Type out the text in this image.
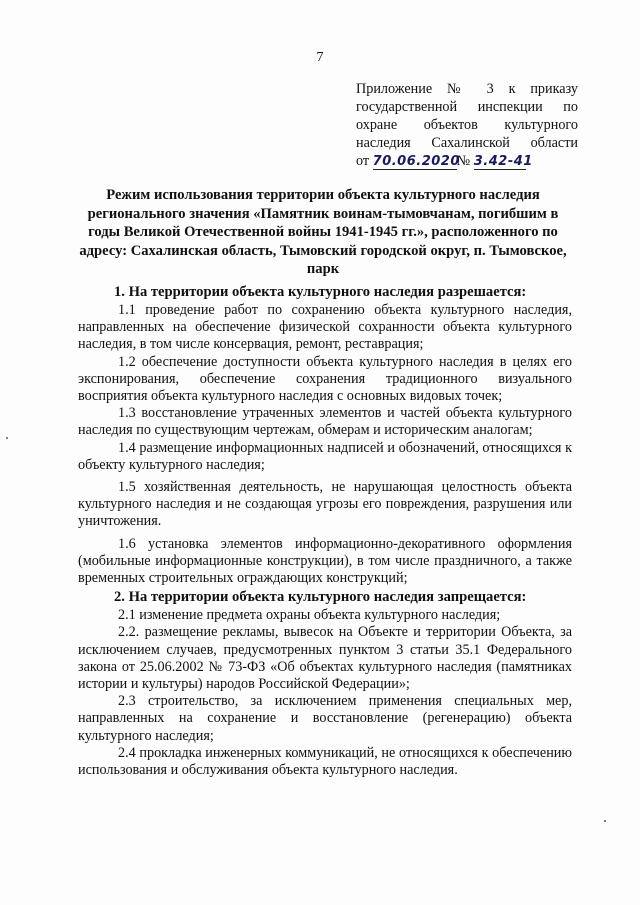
7
Приложение № 3 к приказу
государственной инспекции по
охране объектов культурного
наследия Сахалинской области
от 70.06.2020№ 3.42-41
Режим использования территории объекта культурного наследия регионального значения «Памятник воинам-тымовчанам, погибшим в годы Великой Отечественной войны 1941-1945 гг.», расположенного по адресу: Сахалинская область, Тымовский городской округ, п. Тымовское, парк
1. На территории объекта культурного наследия разрешается:

1.1 проведение работ по сохранению объекта культурного наследия, направленных на обеспечение физической сохранности объекта культурного наследия, в том числе консервация, ремонт, реставрация;

1.2 обеспечение доступности объекта культурного наследия в целях его экспонирования, обеспечение сохранения традиционного визуального восприятия объекта культурного наследия с основных видовых точек;

1.3 восстановление утраченных элементов и частей объекта культурного наследия по существующим чертежам, обмерам и историческим аналогам;

1.4 размещение информационных надписей и обозначений, относящихся к объекту культурного наследия;

1.5 хозяйственная деятельность, не нарушающая целостность объекта культурного наследия и не создающая угрозы его повреждения, разрушения или уничтожения.

1.6 установка элементов информационно-декоративного оформления (мобильные информационные конструкции), в том числе праздничного, а также временных строительных ограждающих конструкций;

2. На территории объекта культурного наследия запрещается:

2.1 изменение предмета охраны объекта культурного наследия;

2.2. размещение рекламы, вывесок на Объекте и территории Объекта, за исключением случаев, предусмотренных пунктом 3 статьи 35.1 Федерального закона от 25.06.2002 № 73-ФЗ «Об объектах культурного наследия (памятниках истории и культуры) народов Российской Федерации»;

2.3 строительство, за исключением применения специальных мер, направленных на сохранение и восстановление (регенерацию) объекта культурного наследия;

2.4 прокладка инженерных коммуникаций, не относящихся к обеспечению использования и обслуживания объекта культурного наследия.
